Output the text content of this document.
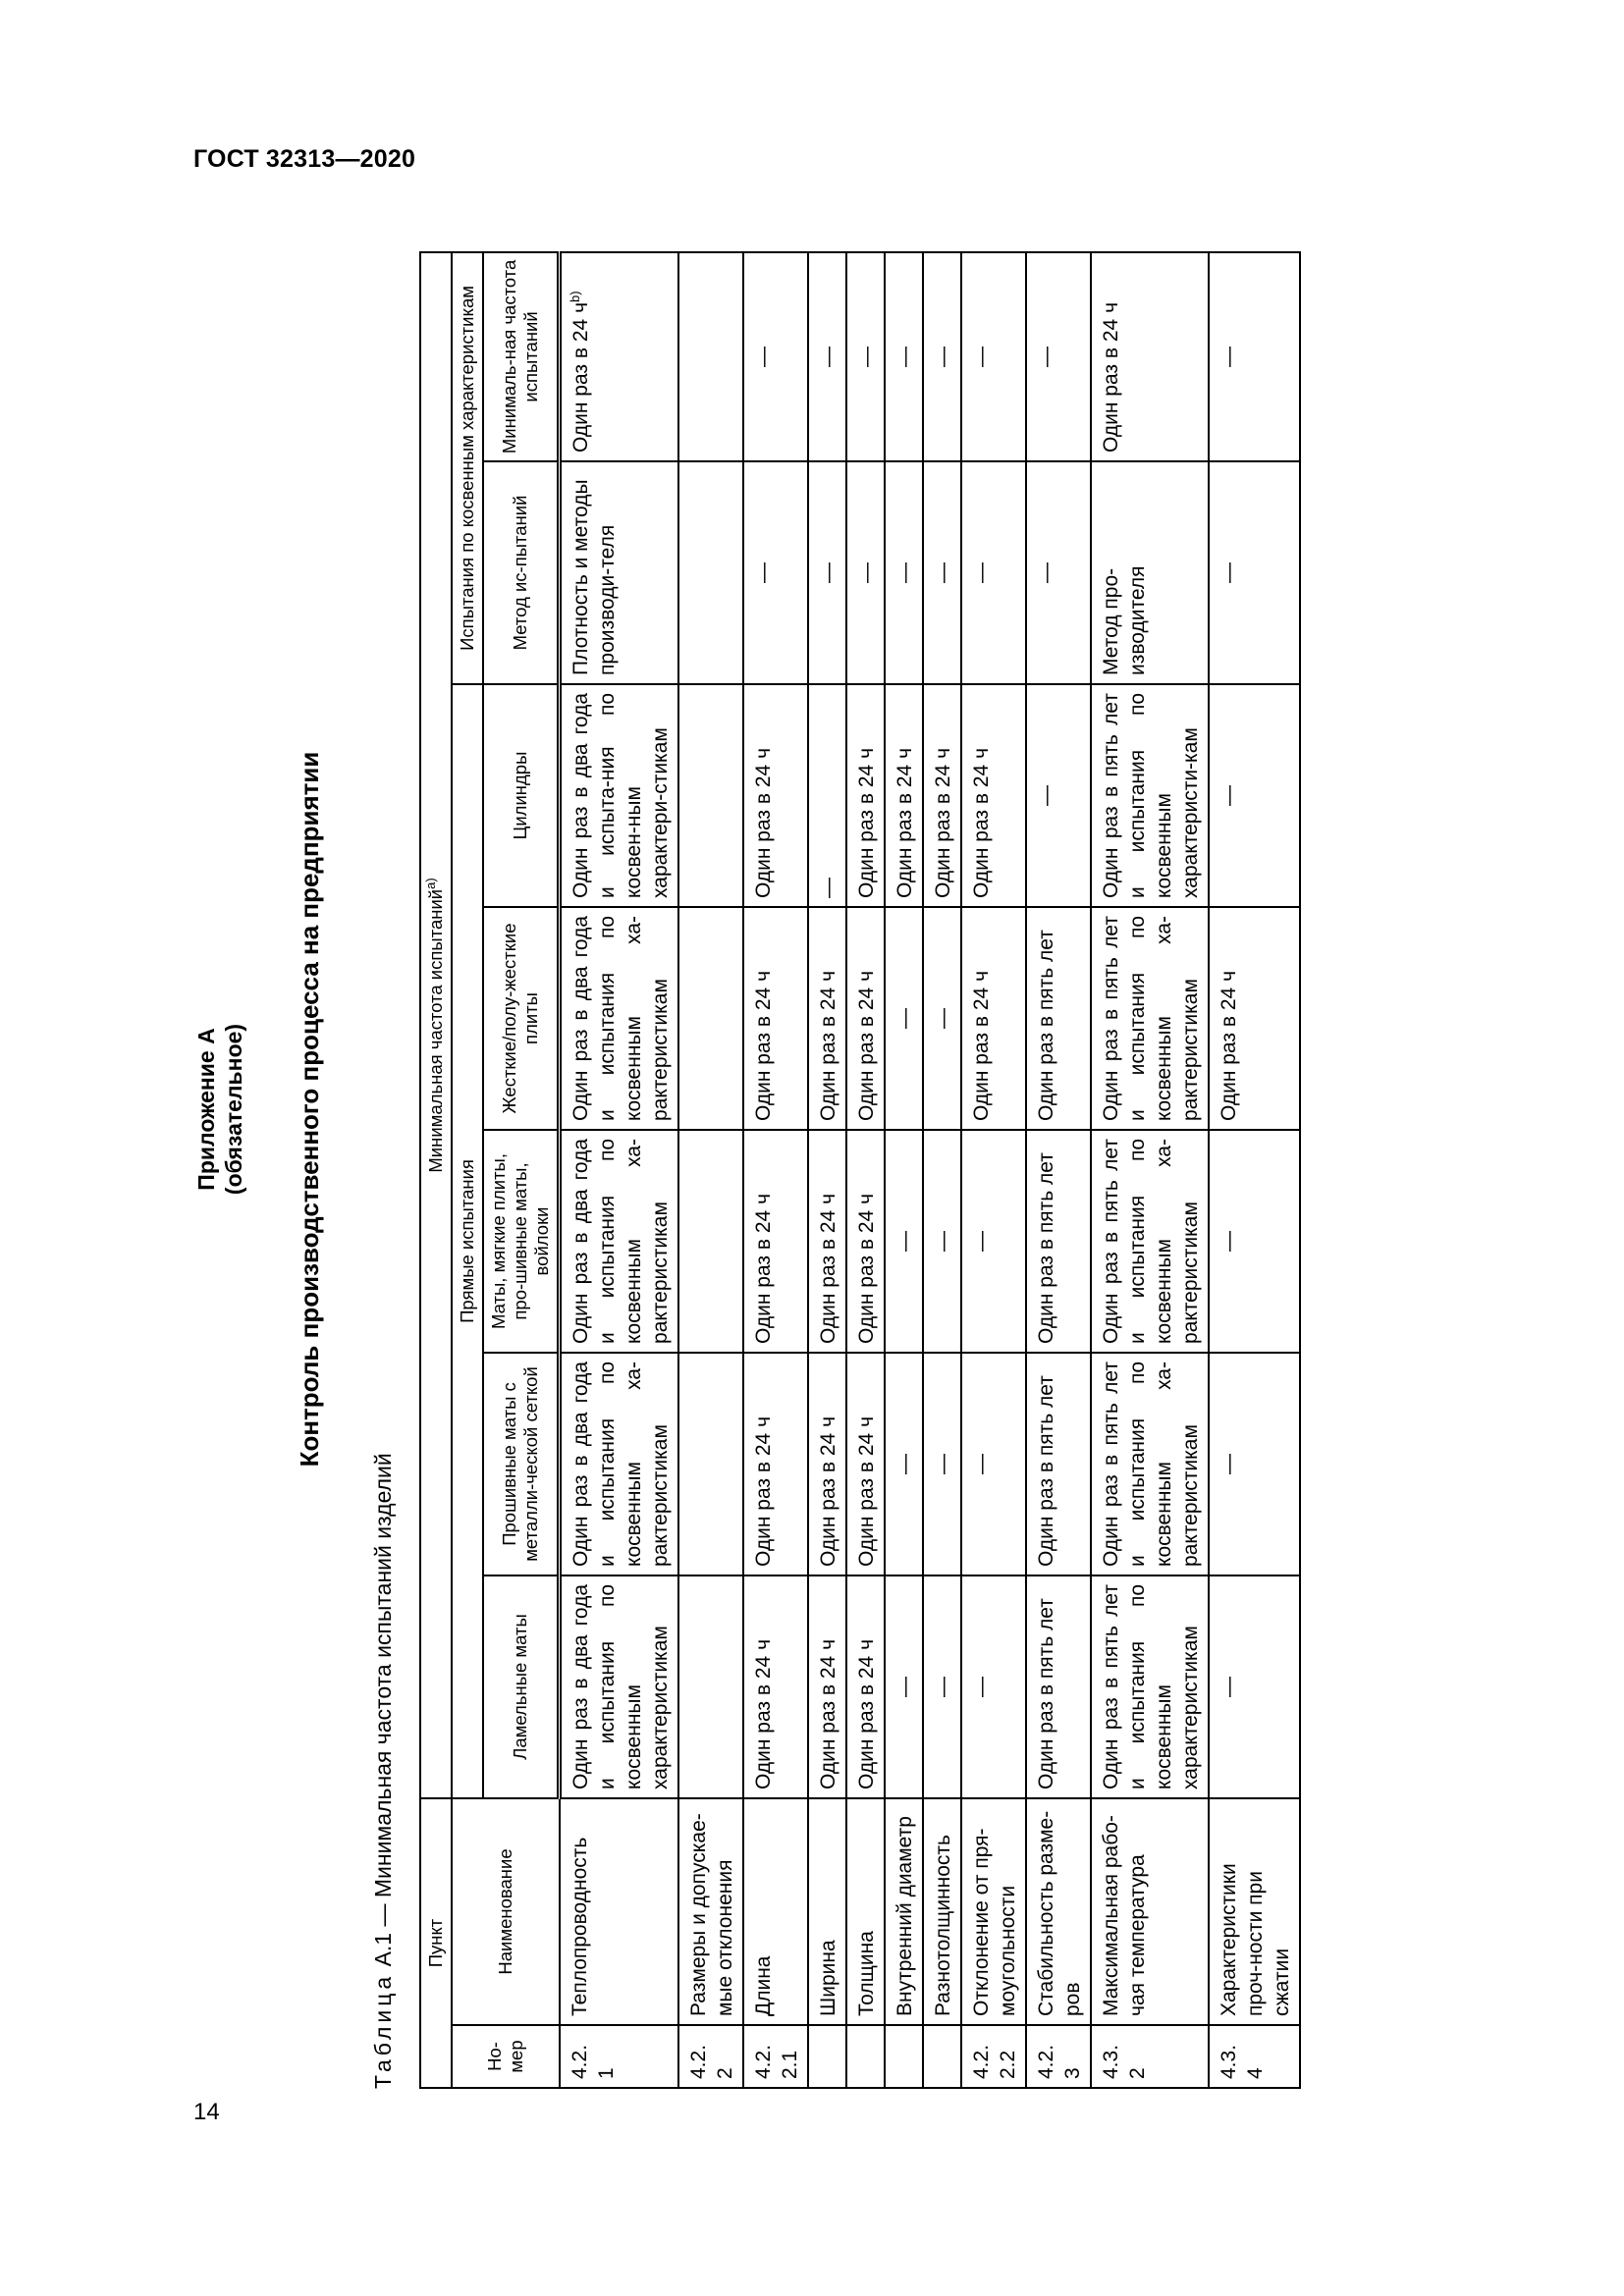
ГОСТ 32313—2020
14
Приложение А (обязательное) Контроль производственного процесса на предприятии
Таблица А.1 — Минимальная частота испытаний изделий Пункт		Минимальная частота испытаний$^{а)}$
Но-мер	Наименование	Прямые испытания					Испытания по косвенным характеристикам	
		Ламельные маты	Прошивные маты с металли-ческой сеткой	Маты, мягкие плиты, про-шивные маты, войлоки	Жесткие/полу-жесткие плиты	Цилиндры	Метод ис-пытаний	Минималь-ная частота испытаний
4.2.1	Теплопроводность	Один раз в два года и испытания по косвенным характеристикам	Один раз в два года и испытания по косвенным ха-рактеристикам	Один раз в два года и испытания по косвенным ха-рактеристикам	Один раз в два года и испытания по косвенным ха-рактеристикам	Один раз в два года и испыта-ния по косвен-ным характери-стикам	Плотность и методы производи-теля	Один раз в 24 $ч^{b)}$
4.2.2	Размеры и допускае-мые отклонения							
4.2.2.1	Длина	Один раз в 24 ч	Один раз в 24 ч	Один раз в 24 ч	Один раз в 24 ч	Один раз в 24 ч	—	—
	Ширина	Один раз в 24 ч	Один раз в 24 ч	Один раз в 24 ч	Один раз в 24 ч	—	—	—
	Толщина	Один раз в 24 ч	Один раз в 24 ч	Один раз в 24 ч	Один раз в 24 ч	Один раз в 24 ч	—	—
	Внутренний диаметр	—	—	—	—	Один раз в 24 ч	—	—
	Разнотолщинность	—	—	—	—	Один раз в 24 ч	—	—
4.2.2.2	Отклонение от пря-моугольности	—	—	—	Один раз в 24 ч	Один раз в 24 ч	—	—
4.2.3	Стабильность разме-ров	Один раз в пять лет	Один раз в пять лет	Один раз в пять лет	Один раз в пять лет	—	—	—
4.3.2	Максимальная рабо-чая температура	Один раз в пять лет и испытания по косвенным характеристикам	Один раз в пять лет и испытания по косвенным ха-рактеристикам	Один раз в пять лет и испытания по косвенным ха-рактеристикам	Один раз в пять лет и испытания по косвенным ха-рактеристикам	Один раз в пять лет и испытания по косвенным характеристи-кам	Метод про-изводителя	Один раз в 24 ч
4.3.4	Характеристики проч-ности при сжатии	—	—	—	Один раз в 24 ч	—	—	—
